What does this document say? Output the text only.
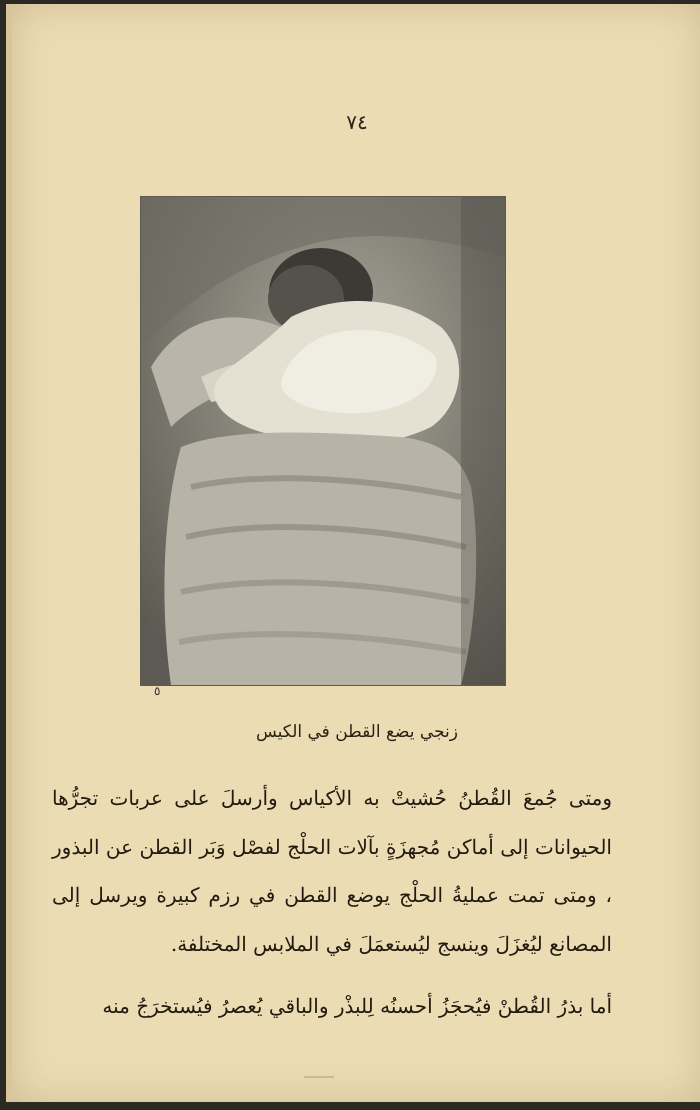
٧٤
٥
زنجي يضع القطن في الكيس

ومتى جُمعَ القُطنُ حُشيتْ به الأكياس وأرسلَ على عربات تجرُّها الحيوانات إلى أماكن مُجهزَةٍ بآلات الحلْج لفصْل وَبَر القطن عن البذور ، ومتى تمت عمليةُ الحلْج يوضع القطن في رزم كبيرة ويرسل إلى المصانع ليُغزَلَ وينسج ليُستعمَلَ في الملابس المختلفة.

أما بذرُ القُطنْ فيُحجَزُ أحسنُه لِلبذْر والباقي يُعصرُ فيُستخرَجُ منه
